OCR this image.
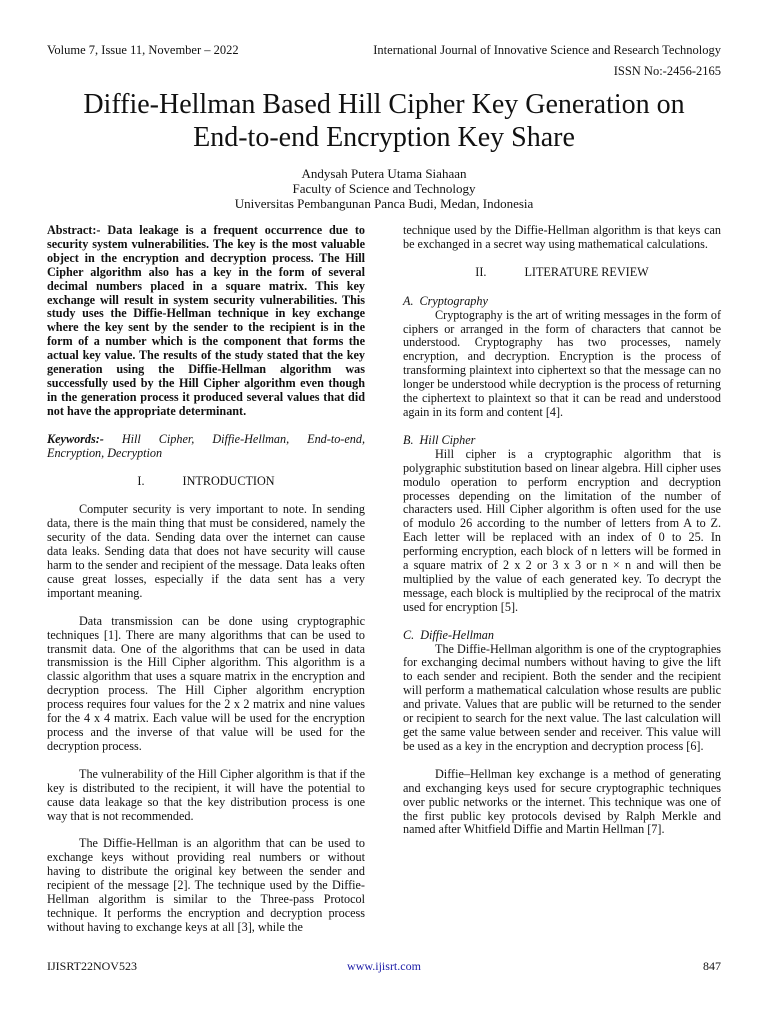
Volume 7, Issue 11, November – 2022	International Journal of Innovative Science and Research Technology
ISSN No:-2456-2165
Diffie-Hellman Based Hill Cipher Key Generation on
End-to-end Encryption Key Share
Andysah Putera Utama Siahaan
Faculty of Science and Technology
Universitas Pembangunan Panca Budi, Medan, Indonesia

Abstract:- Data leakage is a frequent occurrence due to security system vulnerabilities. The key is the most valuable object in the encryption and decryption process. The Hill Cipher algorithm also has a key in the form of several decimal numbers placed in a square matrix. This key exchange will result in system security vulnerabilities. This study uses the Diffie-Hellman technique in key exchange where the key sent by the sender to the recipient is in the form of a number which is the component that forms the actual key value. The results of the study stated that the key generation using the Diffie-Hellman algorithm was successfully used by the Hill Cipher algorithm even though in the generation process it produced several values that did not have the appropriate determinant.

Keywords:- Hill Cipher, Diffie-Hellman, End-to-end, Encryption, Decryption

I.	INTRODUCTION

Computer security is very important to note. In sending data, there is the main thing that must be considered, namely the security of the data. Sending data over the internet can cause data leaks. Sending data that does not have security will cause harm to the sender and recipient of the message. Data leaks often cause great losses, especially if the data sent has a very important meaning.

Data transmission can be done using cryptographic techniques [1]. There are many algorithms that can be used to transmit data. One of the algorithms that can be used in data transmission is the Hill Cipher algorithm. This algorithm is a classic algorithm that uses a square matrix in the encryption and decryption process. The Hill Cipher algorithm encryption process requires four values for the 2 x 2 matrix and nine values for the 4 x 4 matrix. Each value will be used for the encryption process and the inverse of that value will be used for the decryption process.

The vulnerability of the Hill Cipher algorithm is that if the key is distributed to the recipient, it will have the potential to cause data leakage so that the key distribution process is one way that is not recommended.

The Diffie-Hellman is an algorithm that can be used to exchange keys without providing real numbers or without having to distribute the original key between the sender and recipient of the message [2]. The technique used by the Diffie-Hellman algorithm is similar to the Three-pass Protocol technique. It performs the encryption and decryption process without having to exchange keys at all [3], while the

technique used by the Diffie-Hellman algorithm is that keys can be exchanged in a secret way using mathematical calculations.

II.	LITERATURE REVIEW

A. Cryptography

Cryptography is the art of writing messages in the form of ciphers or arranged in the form of characters that cannot be understood. Cryptography has two processes, namely encryption, and decryption. Encryption is the process of transforming plaintext into ciphertext so that the message can no longer be understood while decryption is the process of returning the ciphertext to plaintext so that it can be read and understood again in its form and content [4].

B. Hill Cipher

Hill cipher is a cryptographic algorithm that is polygraphic substitution based on linear algebra. Hill cipher uses modulo operation to perform encryption and decryption processes depending on the limitation of the number of characters used. Hill Cipher algorithm is often used for the use of modulo 26 according to the number of letters from A to Z. Each letter will be replaced with an index of 0 to 25. In performing encryption, each block of n letters will be formed in a square matrix of 2 x 2 or 3 x 3 or n × n and will then be multiplied by the value of each generated key. To decrypt the message, each block is multiplied by the reciprocal of the matrix used for encryption [5].

C. Diffie-Hellman

The Diffie-Hellman algorithm is one of the cryptographies for exchanging decimal numbers without having to give the lift to each sender and recipient. Both the sender and the recipient will perform a mathematical calculation whose results are public and private. Values that are public will be returned to the sender or recipient to search for the next value. The last calculation will get the same value between sender and receiver. This value will be used as a key in the encryption and decryption process [6].

Diffie–Hellman key exchange is a method of generating and exchanging keys used for secure cryptographic techniques over public networks or the internet. This technique was one of the first public key protocols devised by Ralph Merkle and named after Whitfield Diffie and Martin Hellman [7].

IJISRT22NOV523	www.ijisrt.com	847
